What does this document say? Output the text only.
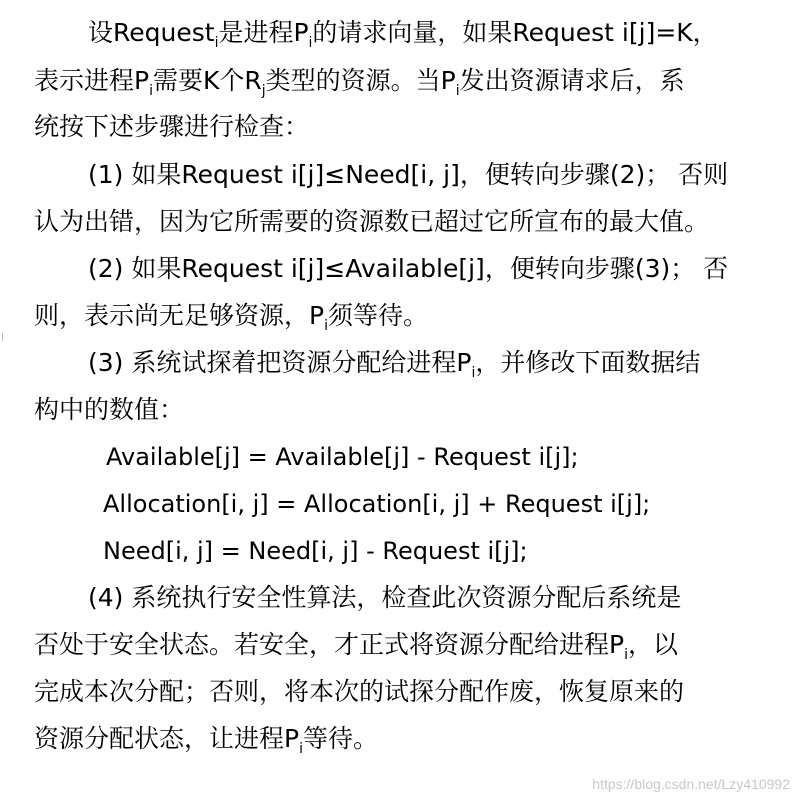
设Request$_i$是进程$P_i$的请求向量，如果Request i[j]=K，
表示进程$P_i$需要K个$R_j$类型的资源。当$P_i$发出资源请求后，系
统按下述步骤进行检查：
(1) 如果Request i[j]≤Need[i, j]，便转向步骤(2)； 否则
认为出错，因为它所需要的资源数已超过它所宣布的最大值。
(2) 如果Request i[j]≤Available[j]，便转向步骤(3)； 否
则，表示尚无足够资源，$P_i$须等待。
(3) 系统试探着把资源分配给进程$P_i$，并修改下面数据结
构中的数值：
Available[j] = Available[j] - Request i[j];
Allocation[i, j] = Allocation[i, j] + Request i[j];
Need[i, j] = Need[i, j] - Request i[j];
(4) 系统执行安全性算法，检查此次资源分配后系统是
否处于安全状态。若安全，才正式将资源分配给进程$P_i$，以
完成本次分配；否则，将本次的试探分配作废，恢复原来的
资源分配状态，让进程$P_i$等待。
https://blog.csdn.net/Lzy410992
